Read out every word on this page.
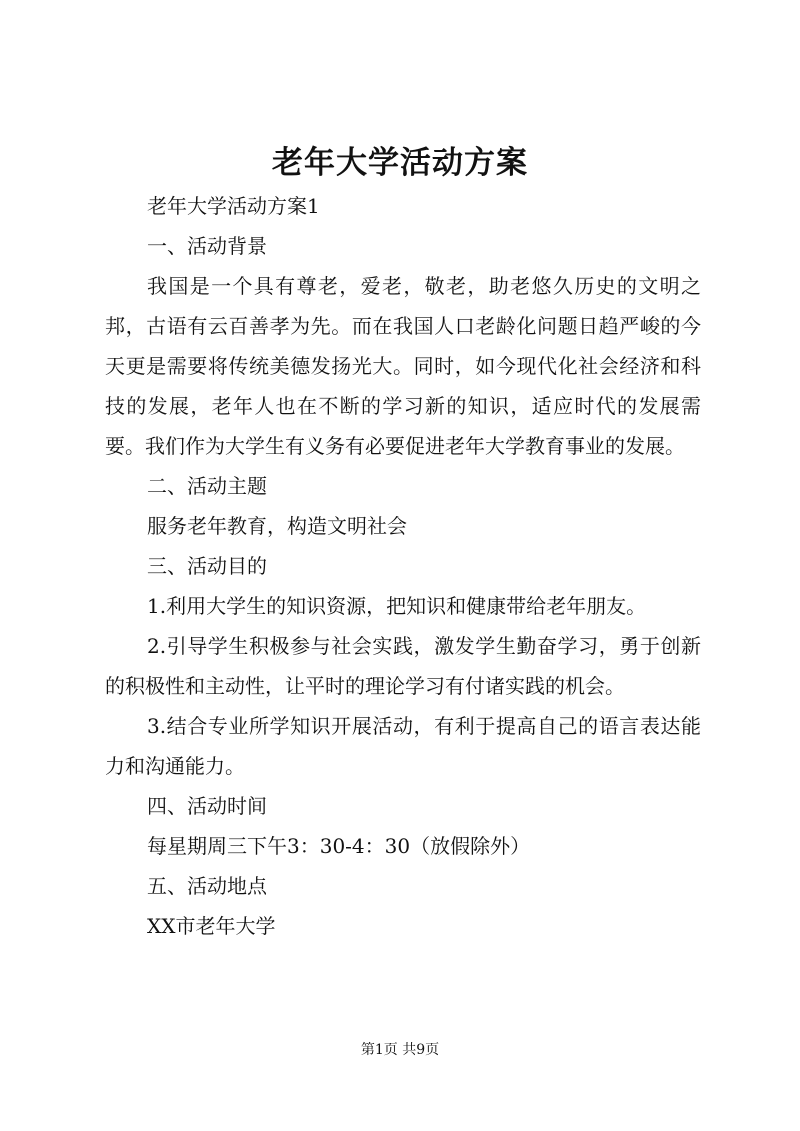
老年大学活动方案

老年大学活动方案1

一、活动背景

我国是一个具有尊老，爱老，敬老，助老悠久历史的文明之邦，古语有云百善孝为先。而在我国人口老龄化问题日趋严峻的今天更是需要将传统美德发扬光大。同时，如今现代化社会经济和科技的发展，老年人也在不断的学习新的知识，适应时代的发展需要。我们作为大学生有义务有必要促进老年大学教育事业的发展。

二、活动主题

服务老年教育，构造文明社会

三、活动目的

1.利用大学生的知识资源，把知识和健康带给老年朋友。

2.引导学生积极参与社会实践，激发学生勤奋学习，勇于创新的积极性和主动性，让平时的理论学习有付诸实践的机会。

3.结合专业所学知识开展活动，有利于提高自己的语言表达能力和沟通能力。

四、活动时间

每星期周三下午3：30-4：30（放假除外）

五、活动地点

XX市老年大学

第1页 共9页
